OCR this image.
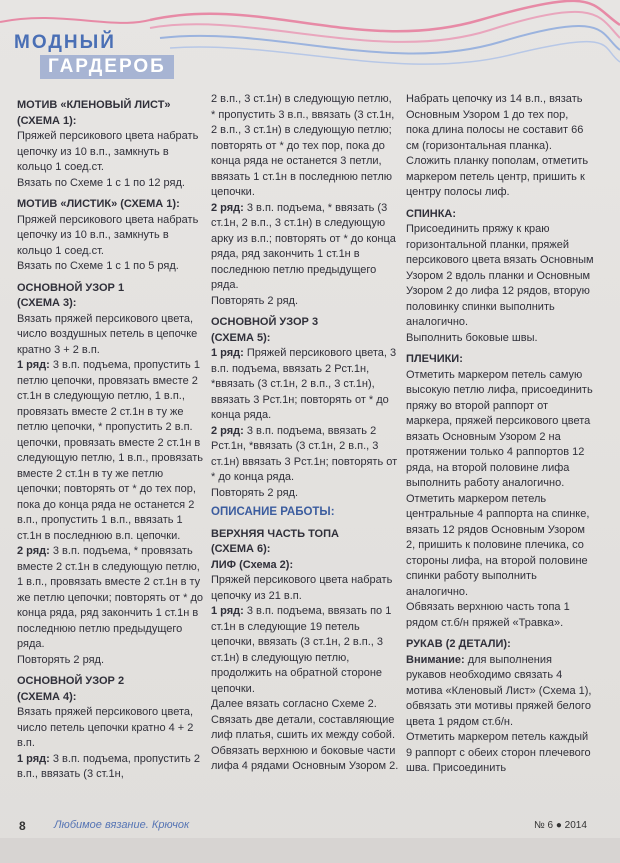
МОДНЫЙ
ГАРДЕРОБ

МОТИВ «КЛЕНОВЫЙ ЛИСТ»

(СХЕМА 1):

Пряжей персикового цвета набрать цепочку из 10 в.п., замкнуть в кольцо 1 соед.ст.

Вязать по Схеме 1 с 1 по 12 ряд.

МОТИВ «ЛИСТИК» (СХЕМА 1):

Пряжей персикового цвета набрать цепочку из 10 в.п., замкнуть в кольцо 1 соед.ст.

Вязать по Схеме 1 с 1 по 5 ряд.

ОСНОВНОЙ УЗОР 1

(СХЕМА 3):

Вязать пряжей персикового цвета, число воздушных петель в цепочке кратно 3 + 2 в.п.

1 ряд: 3 в.п. подъема, пропустить 1 петлю цепочки, провязать вместе 2 ст.1н в следующую петлю, 1 в.п., провязать вместе 2 ст.1н в ту же петлю цепочки, * пропустить 2 в.п. цепочки, провязать вместе 2 ст.1н в следующую петлю, 1 в.п., провязать вместе 2 ст.1н в ту же петлю цепочки; повторять от * до тех пор, пока до конца ряда не останется 2 в.п., пропустить 1 в.п., ввязать 1 ст.1н в последнюю в.п. цепочки.

2 ряд: 3 в.п. подъема, * провязать вместе 2 ст.1н в следующую петлю, 1 в.п., провязать вместе 2 ст.1н в ту же петлю цепочки; повторять от * до конца ряда, ряд закончить 1 ст.1н в последнюю петлю предыдущего ряда.

Повторять 2 ряд.

ОСНОВНОЙ УЗОР 2

(СХЕМА 4):

Вязать пряжей персикового цвета, число петель цепочки кратно 4 + 2 в.п.

1 ряд: 3 в.п. подъема, пропустить 2 в.п., ввязать (3 ст.1н,

2 в.п., 3 ст.1н) в следующую петлю, * пропустить 3 в.п., ввязать (3 ст.1н, 2 в.п., 3 ст.1н) в следующую петлю; повторять от * до тех пор, пока до конца ряда не останется 3 петли, ввязать 1 ст.1н в последнюю петлю цепочки.

2 ряд: 3 в.п. подъема, * ввязать (3 ст.1н, 2 в.п., 3 ст.1н) в следующую арку из в.п.; повторять от * до конца ряда, ряд закончить 1 ст.1н в последнюю петлю предыдущего ряда.

Повторять 2 ряд.

ОСНОВНОЙ УЗОР 3

(СХЕМА 5):

1 ряд: Пряжей персикового цвета, 3 в.п. подъема, ввязать 2 Рст.1н, *ввязать (3 ст.1н, 2 в.п., 3 ст.1н), ввязать 3 Рст.1н; повторять от * до конца ряда.

2 ряд: 3 в.п. подъема, ввязать 2 Рст.1н, *ввязать (3 ст.1н, 2 в.п., 3 ст.1н) ввязать 3 Рст.1н; повторять от * до конца ряда.

Повторять 2 ряд.

ОПИСАНИЕ РАБОТЫ:

ВЕРХНЯЯ ЧАСТЬ ТОПА

(СХЕМА 6):

ЛИФ (Схема 2):

Пряжей персикового цвета набрать цепочку из 21 в.п.

1 ряд: 3 в.п. подъема, ввязать по 1 ст.1н в следующие 19 петель цепочки, ввязать (3 ст.1н, 2 в.п., 3 ст.1н) в следующую петлю, продолжить на обратной стороне цепочки.

Далее вязать согласно Схеме 2. Связать две детали, составляющие лиф платья, сшить их между собой.

Обвязать верхнюю и боковые части лифа 4 рядами Основным Узором 2.

Набрать цепочку из 14 в.п., вязать Основным Узором 1 до тех пор, пока длина полосы не составит 66 см (горизонтальная планка). Сложить планку пополам, отметить маркером петель центр, пришить к центру полосы лиф.

СПИНКА:

Присоединить пряжу к краю горизонтальной планки, пряжей персикового цвета вязать Основным Узором 2 вдоль планки и Основным Узором 2 до лифа 12 рядов, вторую половинку спинки выполнить аналогично.

Выполнить боковые швы.

ПЛЕЧИКИ:

Отметить маркером петель самую высокую петлю лифа, присоединить пряжу во второй раппорт от маркера, пряжей персикового цвета вязать Основным Узором 2 на протяжении только 4 раппортов 12 ряда, на второй половине лифа выполнить работу аналогично.

Отметить маркером петель центральные 4 раппорта на спинке, вязать 12 рядов Основным Узором 2, пришить к половине плечика, со стороны лифа, на второй половине спинки работу выполнить аналогично.

Обвязать верхнюю часть топа 1 рядом ст.б/н пряжей «Травка».

РУКАВ (2 ДЕТАЛИ):

Внимание: для выполнения рукавов необходимо связать 4 мотива «Кленовый Лист» (Схема 1), обвязать эти мотивы пряжей белого цвета 1 рядом ст.б/н.

Отметить маркером петель каждый 9 раппорт с обеих сторон плечевого шва. Присоединить

8	Любимое вязание. Крючок	№ 6 ● 2014
